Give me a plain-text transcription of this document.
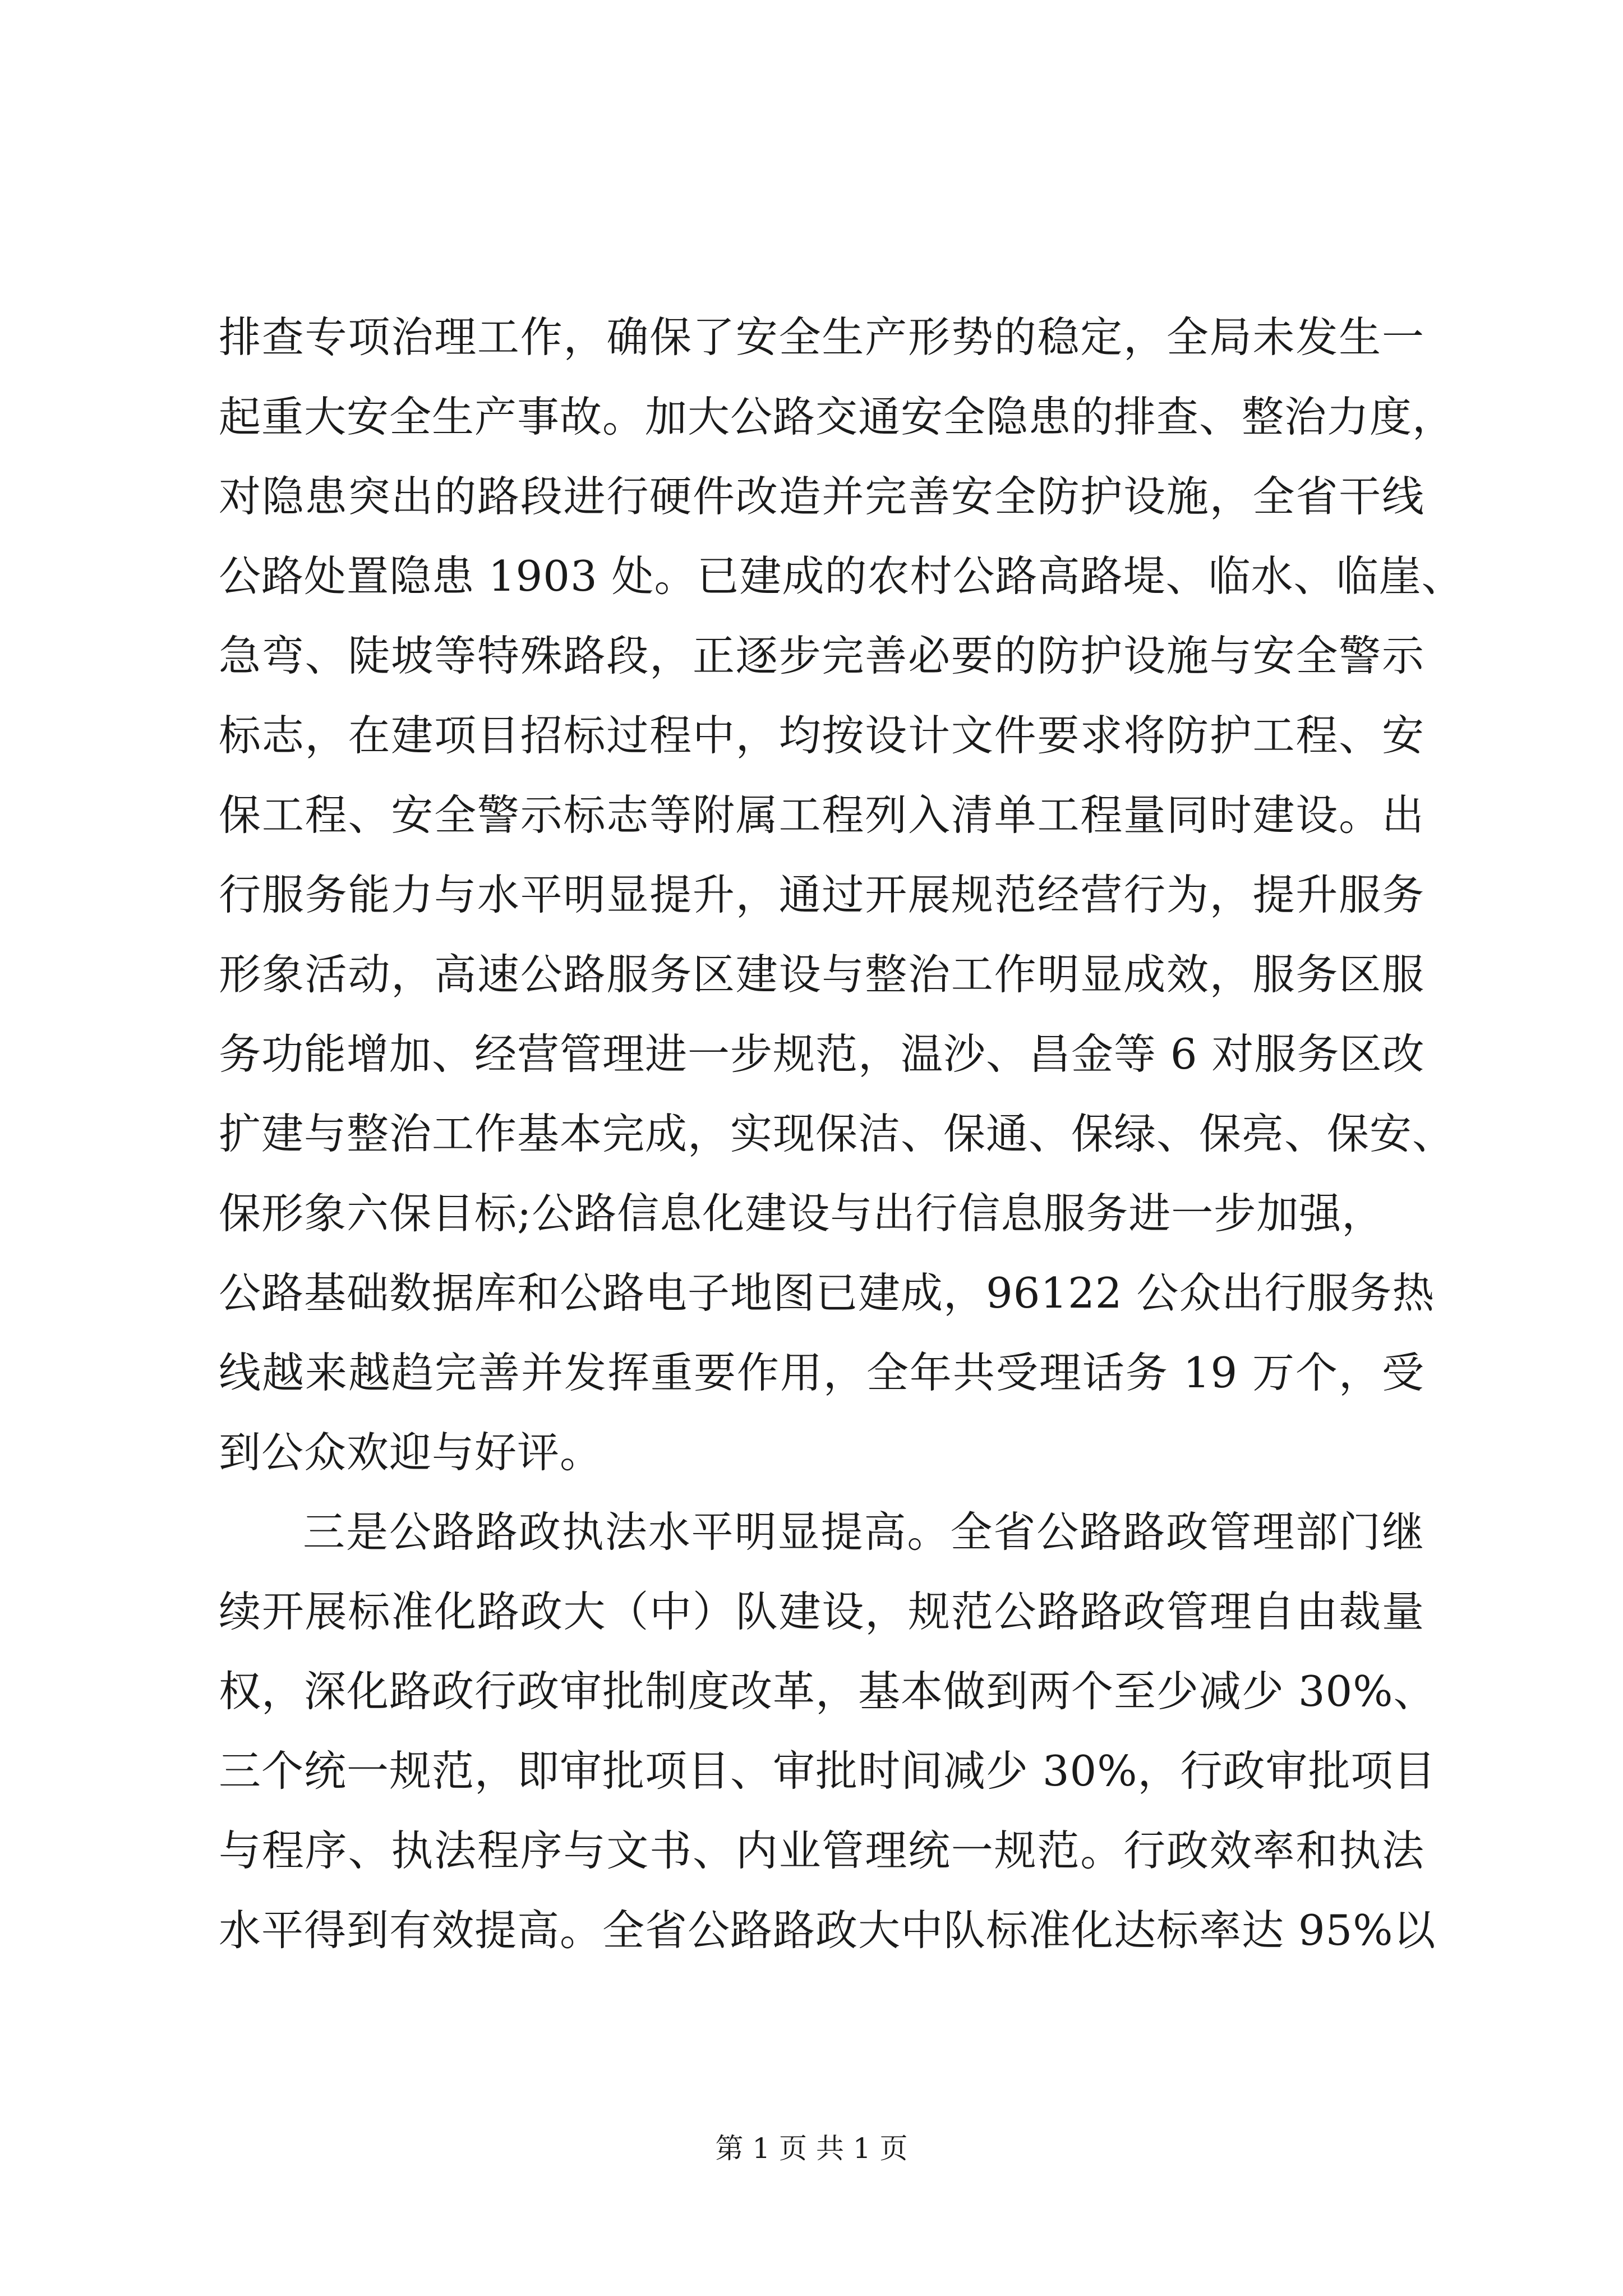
排查专项治理工作，确保了安全生产形势的稳定，全局未发生一
起重大安全生产事故。加大公路交通安全隐患的排查、整治力度，
对隐患突出的路段进行硬件改造并完善安全防护设施，全省干线
公路处置隐患 1903 处。已建成的农村公路高路堤、临水、临崖、
急弯、陡坡等特殊路段，正逐步完善必要的防护设施与安全警示
标志，在建项目招标过程中，均按设计文件要求将防护工程、安
保工程、安全警示标志等附属工程列入清单工程量同时建设。出
行服务能力与水平明显提升，通过开展规范经营行为，提升服务
形象活动，高速公路服务区建设与整治工作明显成效，服务区服
务功能增加、经营管理进一步规范，温沙、昌金等 6 对服务区改
扩建与整治工作基本完成，实现保洁、保通、保绿、保亮、保安、
保形象六保目标;公路信息化建设与出行信息服务进一步加强，
公路基础数据库和公路电子地图已建成，96122 公众出行服务热
线越来越趋完善并发挥重要作用，全年共受理话务 19 万个，受
到公众欢迎与好评。
三是公路路政执法水平明显提高。全省公路路政管理部门继
续开展标准化路政大（中）队建设，规范公路路政管理自由裁量
权，深化路政行政审批制度改革，基本做到两个至少减少 30%、
三个统一规范，即审批项目、审批时间减少 30%，行政审批项目
与程序、执法程序与文书、内业管理统一规范。行政效率和执法
水平得到有效提高。全省公路路政大中队标准化达标率达 95%以
第 1 页 共 1 页
